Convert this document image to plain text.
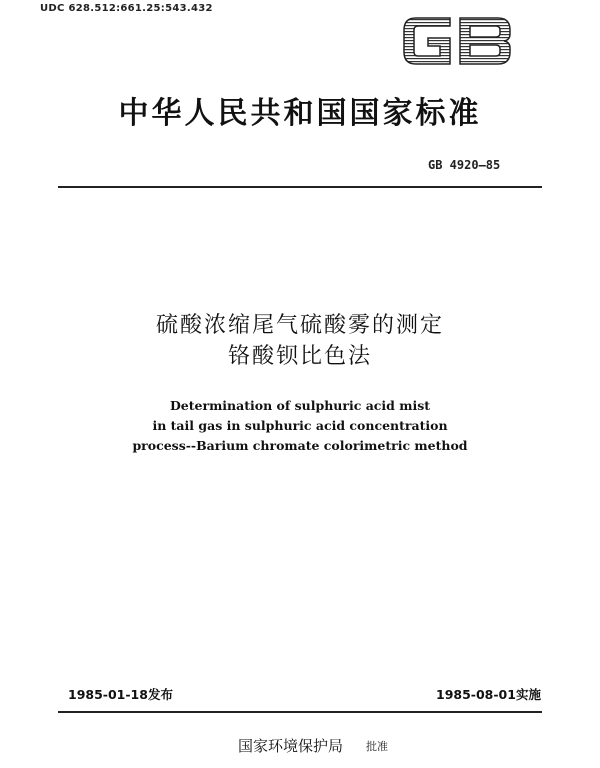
UDC 628.512:661.25:543.432
中华人民共和国国家标准
GB 4920—85
硫酸浓缩尾气硫酸雾的测定
铬酸钡比色法
Determination of sulphuric acid mist
in tail gas in sulphuric acid concentration
process--Barium chromate colorimetric method
1985-01-18发布	1985-08-01实施
国家环境保护局 批准
